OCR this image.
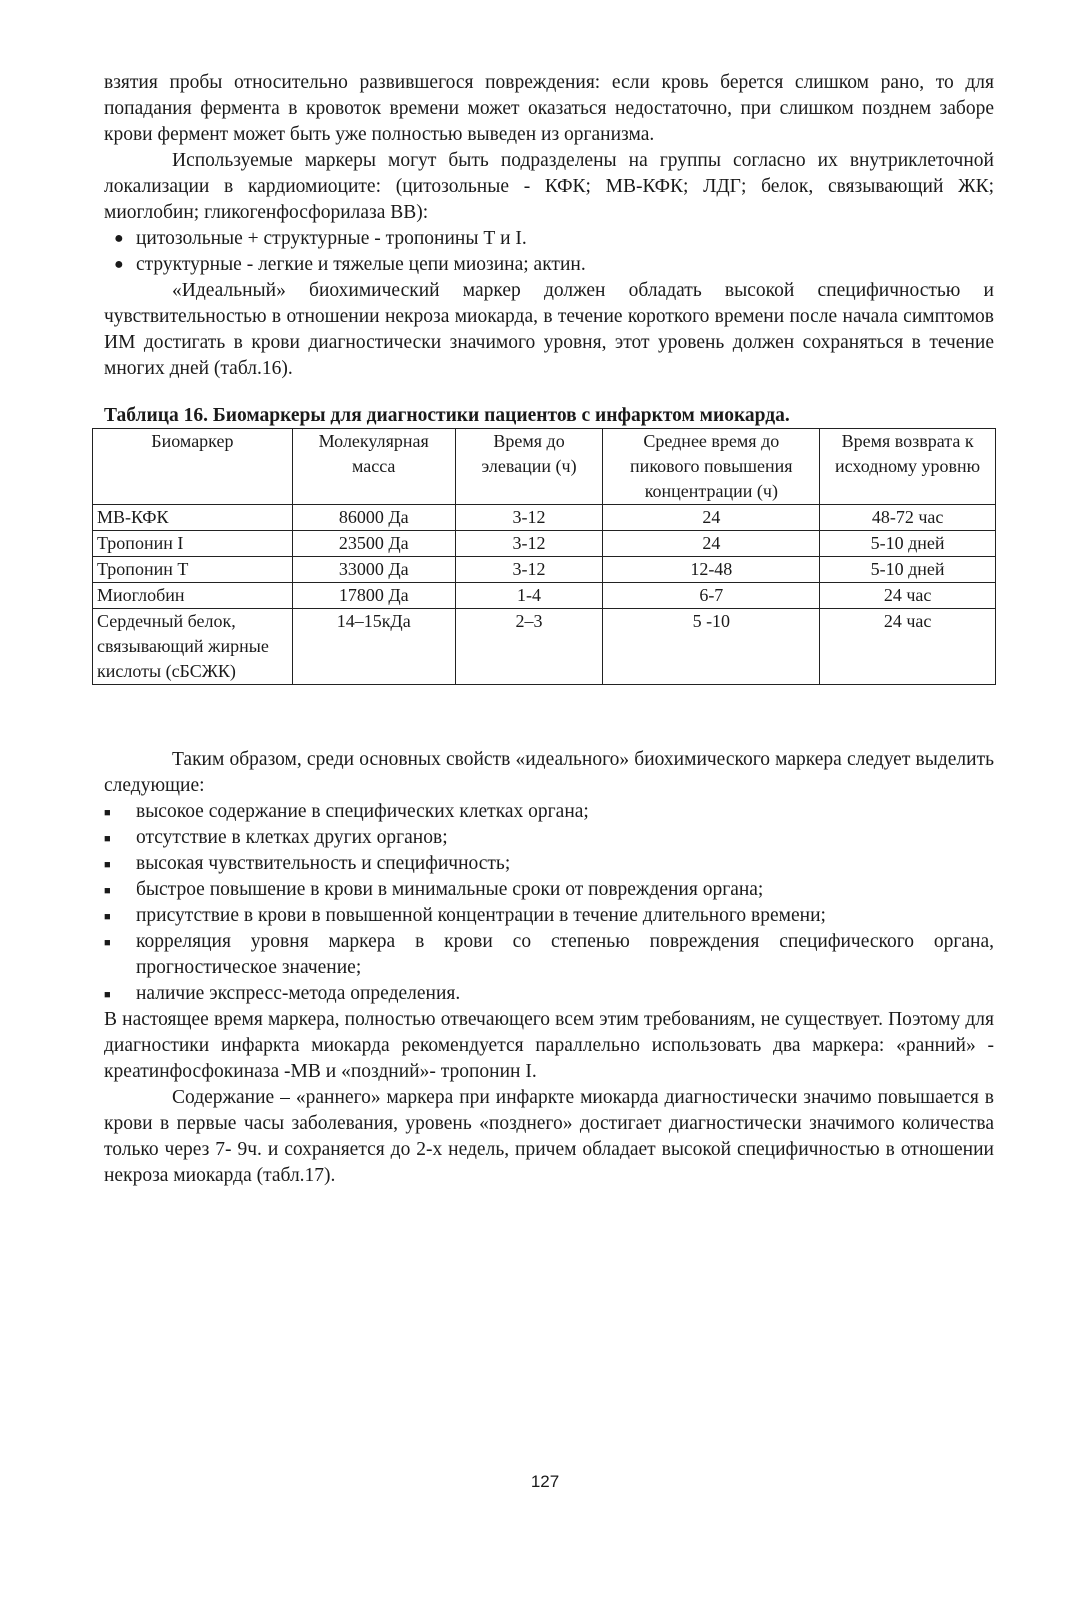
взятия пробы относительно развившегося повреждения: если кровь берется слишком рано, то для попадания фермента в кровоток времени может оказаться недостаточно, при слишком позднем заборе крови фермент может быть уже полностью выведен из организма.

Используемые маркеры могут быть подразделены на группы согласно их внутриклеточной локализации в кардиомиоците: (цитозольные - КФК; МВ-КФК; ЛДГ; белок, связывающий ЖК; миоглобин; гликогенфосфорилаза ВВ):

● цитозольные + структурные - тропонины Т и I.
● структурные - легкие и тяжелые цепи миозина; актин.

«Идеальный» биохимический маркер должен обладать высокой специфичностью и чувствительностью в отношении некроза миокарда, в течение короткого времени после начала симптомов ИМ достигать в крови диагностически значимого уровня, этот уровень должен сохраняться в течение многих дней (табл.16).

Таблица 16. Биомаркеры для диагностики пациентов с инфарктом миокарда.

Биомаркер	Молекулярная масса	Время до элевации (ч)	Среднее время до пикового повышения концентрации (ч)	Время возврата к исходному уровню
МВ-КФК	86000 Да	3-12	24	48-72 час
Тропонин I	23500 Да	3-12	24	5-10 дней
Тропонин Т	33000 Да	3-12	12-48	5-10 дней
Миоглобин	17800 Да	1-4	6-7	24 час
Сердечный белок, связывающий жирные кислоты (сБСЖК)	14–15кДа	2–3	5 -10	24 час

Таким образом, среди основных свойств «идеального» биохимического маркера следует выделить следующие:

■ высокое содержание в специфических клетках органа;
■ отсутствие в клетках других органов;
■ высокая чувствительность и специфичность;
■ быстрое повышение в крови в минимальные сроки от повреждения органа;
■ присутствие в крови в повышенной концентрации в течение длительного времени;
■ корреляция уровня маркера в крови со степенью повреждения специфического органа, прогностическое значение;
■ наличие экспресс-метода определения.

В настоящее время маркера, полностью отвечающего всем этим требованиям, не существует. Поэтому для диагностики инфаркта миокарда рекомендуется параллельно использовать два маркера: «ранний» - креатинфосфокиназа -МВ и «поздний»- тропонин I.

Содержание – «раннего» маркера при инфаркте миокарда диагностически значимо повышается в крови в первые часы заболевания, уровень «позднего» достигает диагностически значимого количества только через 7- 9ч. и сохраняется до 2-х недель, причем обладает высокой специфичностью в отношении некроза миокарда (табл.17).

127
